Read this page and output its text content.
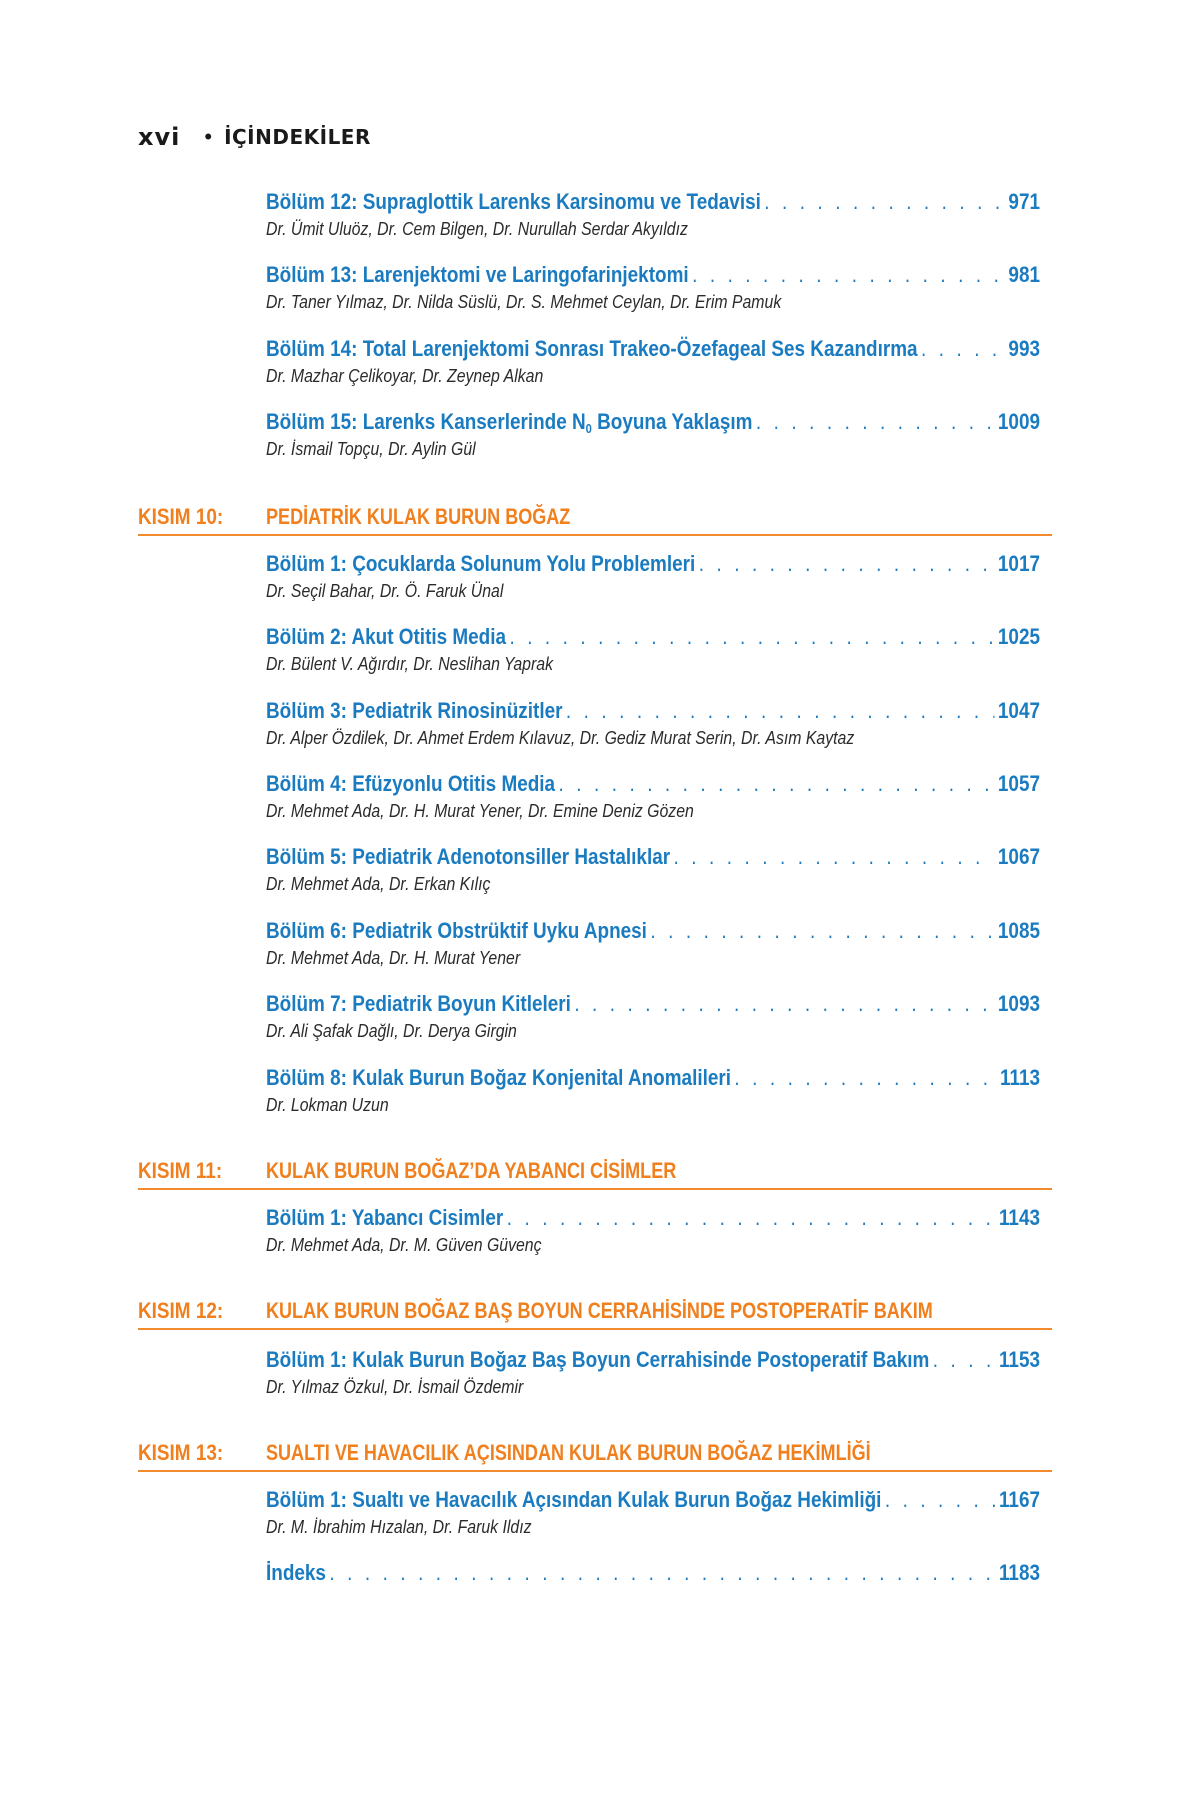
xvi • İÇİNDEKİLER
Bölüm 12: Supraglottik Larenks Karsinomu ve Tedavisi . . .	971
Dr. Ümit Uluöz, Dr. Cem Bilgen, Dr. Nurullah Serdar Akyıldız
Bölüm 13: Larenjektomi ve Laringofarinjektomi . . .	981
Dr. Taner Yılmaz, Dr. Nilda Süslü, Dr. S. Mehmet Ceylan, Dr. Erim Pamuk
Bölüm 14: Total Larenjektomi Sonrası Trakeo-Özefageal Ses Kazandırma . . .	993
Dr. Mazhar Çelikoyar, Dr. Zeynep Alkan
Bölüm 15: Larenks Kanserlerinde $N_0$ Boyuna Yaklaşım . . .	1009
Dr. İsmail Topçu, Dr. Aylin Gül
KISIM 10: PEDİATRİK KULAK BURUN BOĞAZ
Bölüm 1: Çocuklarda Solunum Yolu Problemleri . . .	1017
Dr. Seçil Bahar, Dr. Ö. Faruk Ünal
Bölüm 2: Akut Otitis Media . . .	1025
Dr. Bülent V. Ağırdır, Dr. Neslihan Yaprak
Bölüm 3: Pediatrik Rinosinüzitler . . .	1047
Dr. Alper Özdilek, Dr. Ahmet Erdem Kılavuz, Dr. Gediz Murat Serin, Dr. Asım Kaytaz
Bölüm 4: Efüzyonlu Otitis Media . . .	1057
Dr. Mehmet Ada, Dr. H. Murat Yener, Dr. Emine Deniz Gözen
Bölüm 5: Pediatrik Adenotonsiller Hastalıklar . . .	1067
Dr. Mehmet Ada, Dr. Erkan Kılıç
Bölüm 6: Pediatrik Obstrüktif Uyku Apnesi . . .	1085
Dr. Mehmet Ada, Dr. H. Murat Yener
Bölüm 7: Pediatrik Boyun Kitleleri . . .	1093
Dr. Ali Şafak Dağlı, Dr. Derya Girgin
Bölüm 8: Kulak Burun Boğaz Konjenital Anomalileri . . .	1113
Dr. Lokman Uzun
KISIM 11: KULAK BURUN BOĞAZ’DA YABANCI CİSİMLER
Bölüm 1: Yabancı Cisimler . . .	1143
Dr. Mehmet Ada, Dr. M. Güven Güvenç
KISIM 12: KULAK BURUN BOĞAZ BAŞ BOYUN CERRAHİSİNDE POSTOPERATİF BAKIM
Bölüm 1: Kulak Burun Boğaz Baş Boyun Cerrahisinde Postoperatif Bakım . . .	1153
Dr. Yılmaz Özkul, Dr. İsmail Özdemir
KISIM 13: SUALTI VE HAVACILIK AÇISINDAN KULAK BURUN BOĞAZ HEKİMLİĞİ
Bölüm 1: Sualtı ve Havacılık Açısından Kulak Burun Boğaz Hekimliği . . .	1167
Dr. M. İbrahim Hızalan, Dr. Faruk Ildız
İndeks . . .	1183
